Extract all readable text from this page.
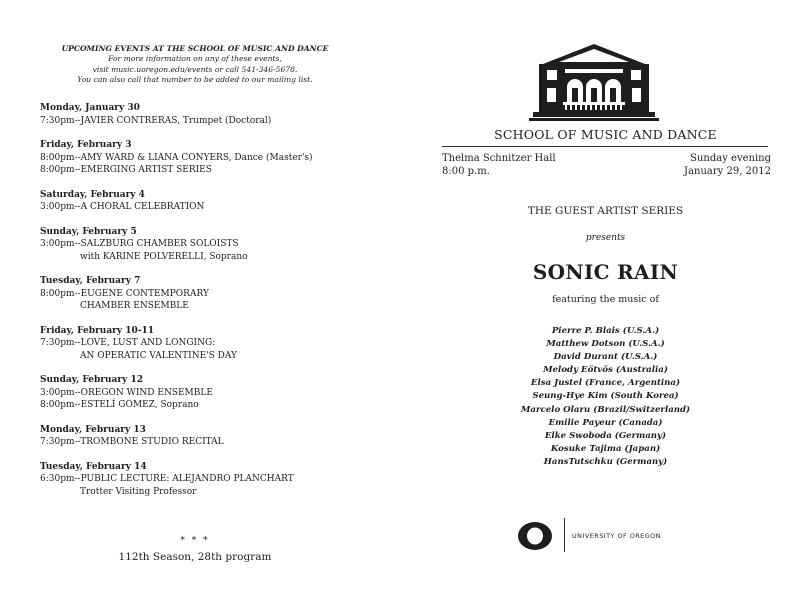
UPCOMING EVENTS AT THE SCHOOL OF MUSIC AND DANCE
For more information on any of these events,
visit music.uoregon.edu/events or call 541-346-5678.
You can also call that number to be added to our mailing list.
Monday, January 30
7:30pm--JAVIER CONTRERAS, Trumpet (Doctoral)
Friday, February 3
8:00pm--AMY WARD & LIANA CONYERS, Dance (Master's)
8:00pm--EMERGING ARTIST SERIES
Saturday, February 4
3:00pm--A CHORAL CELEBRATION
Sunday, February 5
3:00pm--SALZBURG CHAMBER SOLOISTS
with KARINE POLVERELLI, Soprano
Tuesday, February 7
8:00pm--EUGENE CONTEMPORARY
CHAMBER ENSEMBLE
Friday, February 10-11
7:30pm--LOVE, LUST AND LONGING:
AN OPERATIC VALENTINE'S DAY
Sunday, February 12
3:00pm--OREGON WIND ENSEMBLE
8:00pm--ESTELÍ GOMEZ, Soprano
Monday, February 13
7:30pm--TROMBONE STUDIO RECITAL
Tuesday, February 14
6:30pm--PUBLIC LECTURE: ALEJANDRO PLANCHART
Trotter Visiting Professor
* * *
112th Season, 28th program
SCHOOL OF MUSIC AND DANCE
Thelma Schnitzer Hall
8:00 p.m.
Sunday evening
January 29, 2012
THE GUEST ARTIST SERIES
presents
SONIC RAIN
featuring the music of
Pierre P. Blais (U.S.A.)
Matthew Dotson (U.S.A.)
David Durant (U.S.A.)
Melody Eötvös (Australia)
Elsa Justel (France, Argentina)
Seung-Hye Kim (South Korea)
Marcelo Olaru (Brazil/Switzerland)
Emilie Payeur (Canada)
Elke Swoboda (Germany)
Kosuke Tajima (Japan)
HansTutschku (Germany)
UNIVERSITY OF OREGON
